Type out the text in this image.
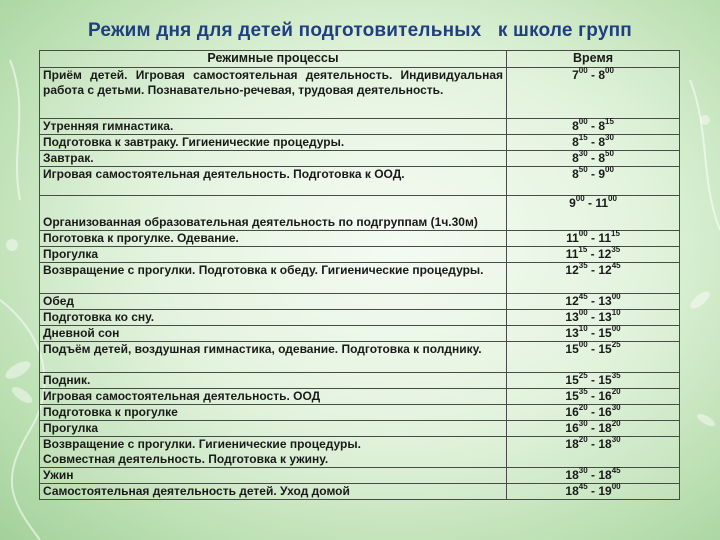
Режим дня для детей подготовительных   к школе групп
Режимные процессы	Время
Приём детей. Игровая самостоятельная деятельность. Индивидуальная работа с детьми. Познавательно-речевая, трудовая деятельность.	$7^{00} - 8^{00}$
Утренняя гимнастика.	$8^{00} - 8^{15}$
Подготовка к завтраку. Гигиенические процедуры.	$8^{15} - 8^{30}$
Завтрак.	$8^{30} - 8^{50}$
Игровая самостоятельная деятельность. Подготовка к ООД.	$8^{50} - 9^{00}$
Организованная образовательная деятельность по подгруппам (1ч.30м)	$9^{00} - 11^{00}$
Поготовка к прогулке. Одевание.	$11^{00} - 11^{15}$
Прогулка	$11^{15} - 12^{35}$
Возвращение с прогулки. Подготовка к обеду. Гигиенические процедуры.	$12^{35} - 12^{45}$
Обед	$12^{45} - 13^{00}$
Подготовка ко сну.	$13^{00} - 13^{10}$
Дневной сон	$13^{10} - 15^{00}$
Подъём детей, воздушная гимнастика, одевание. Подготовка к полднику.	$15^{00} - 15^{25}$
Подник.	$15^{25} - 15^{35}$
Игровая самостоятельная деятельность. ООД	$15^{35} - 16^{20}$
Подготовка к прогулке	$16^{20} - 16^{30}$
Прогулка	$16^{30} - 18^{20}$
Возвращение с прогулки. Гигиенические процедуры.
Совместная деятельность. Подготовка к ужину.	$18^{20} - 18^{30}$
Ужин	$18^{30} - 18^{45}$
Самостоятельная деятельность детей. Уход домой	$18^{45} - 19^{00}$
